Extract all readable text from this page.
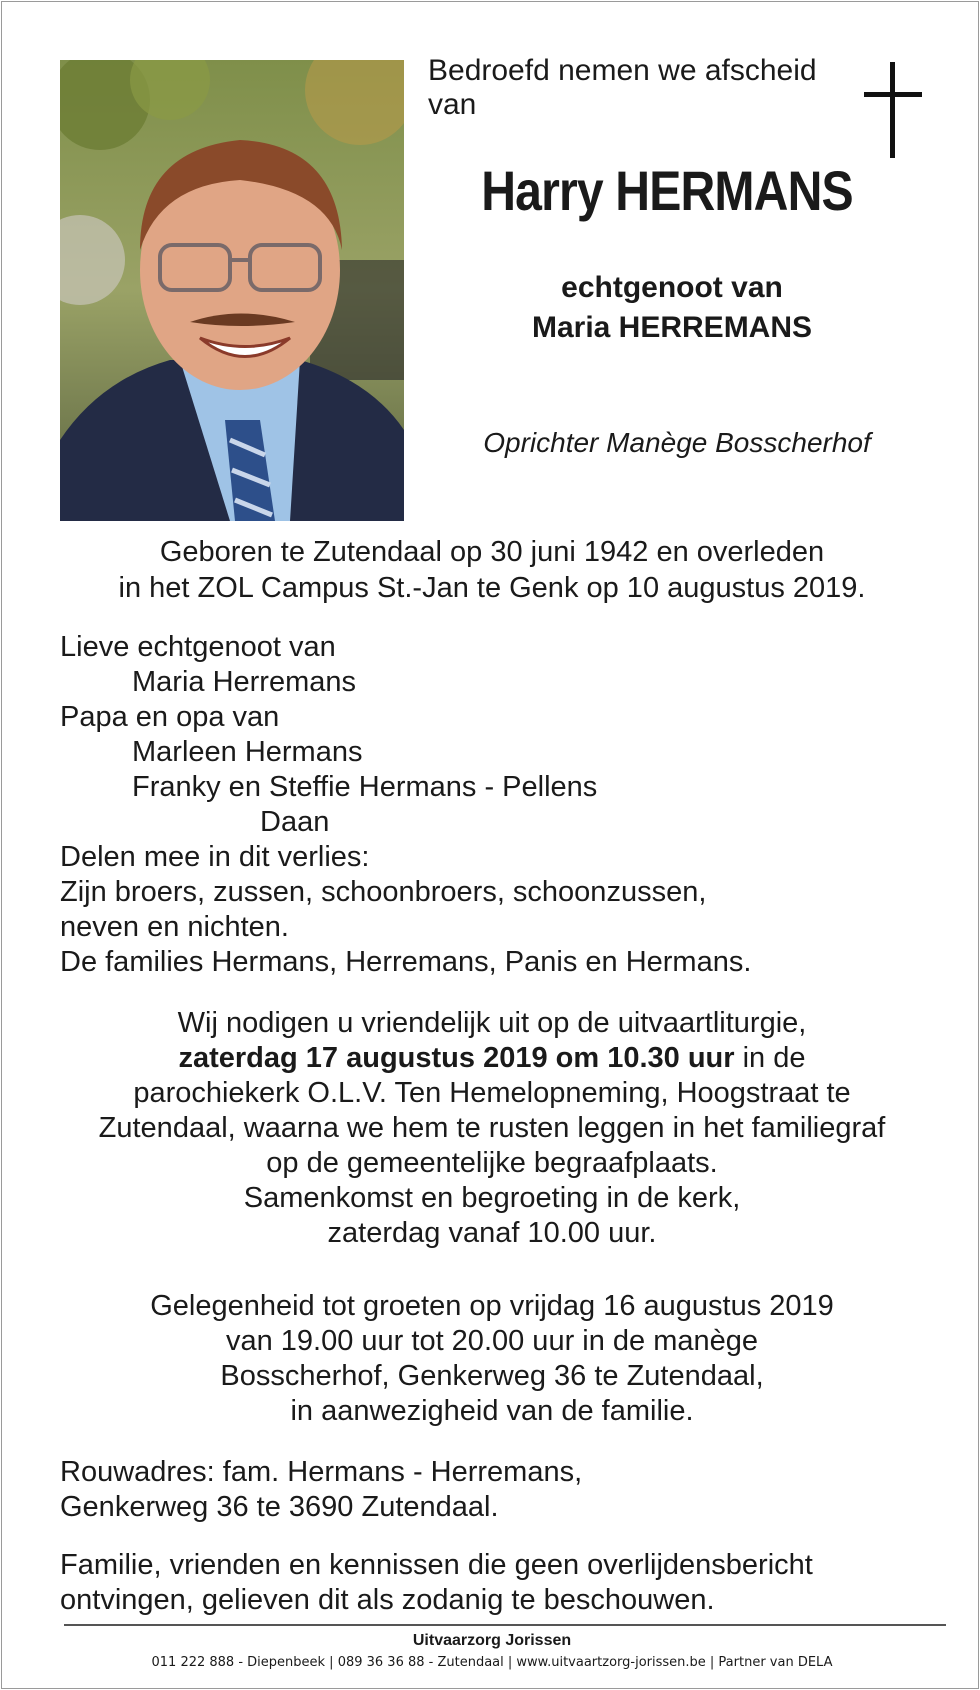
Bedroefd nemen we afscheid
van
Harry HERMANS
echtgenoot van
Maria HERREMANS
Oprichter Manège Bosscherhof
Geboren te Zutendaal op 30 juni 1942 en overleden
in het ZOL Campus St.-Jan te Genk op 10 augustus 2019.
Lieve echtgenoot van
Maria Herremans
Papa en opa van
Marleen Hermans
Franky en Steffie Hermans - Pellens
Daan
Delen mee in dit verlies:
Zijn broers, zussen, schoonbroers, schoonzussen,
neven en nichten.
De families Hermans, Herremans, Panis en Hermans.
Wij nodigen u vriendelijk uit op de uitvaartliturgie,
zaterdag 17 augustus 2019 om 10.30 uur in de
parochiekerk O.L.V. Ten Hemelopneming, Hoogstraat te
Zutendaal, waarna we hem te rusten leggen in het familiegraf
op de gemeentelijke begraafplaats.
Samenkomst en begroeting in de kerk,
zaterdag vanaf 10.00 uur.
Gelegenheid tot groeten op vrijdag 16 augustus 2019
van 19.00 uur tot 20.00 uur in de manège
Bosscherhof, Genkerweg 36 te Zutendaal,
in aanwezigheid van de familie.
Rouwadres: fam. Hermans - Herremans,
Genkerweg 36 te 3690 Zutendaal.
Familie, vrienden en kennissen die geen overlijdensbericht
ontvingen, gelieven dit als zodanig te beschouwen.
Uitvaarzorg Jorissen
011 222 888 - Diepenbeek | 089 36 36 88 - Zutendaal | www.uitvaartzorg-jorissen.be | Partner van DELA
